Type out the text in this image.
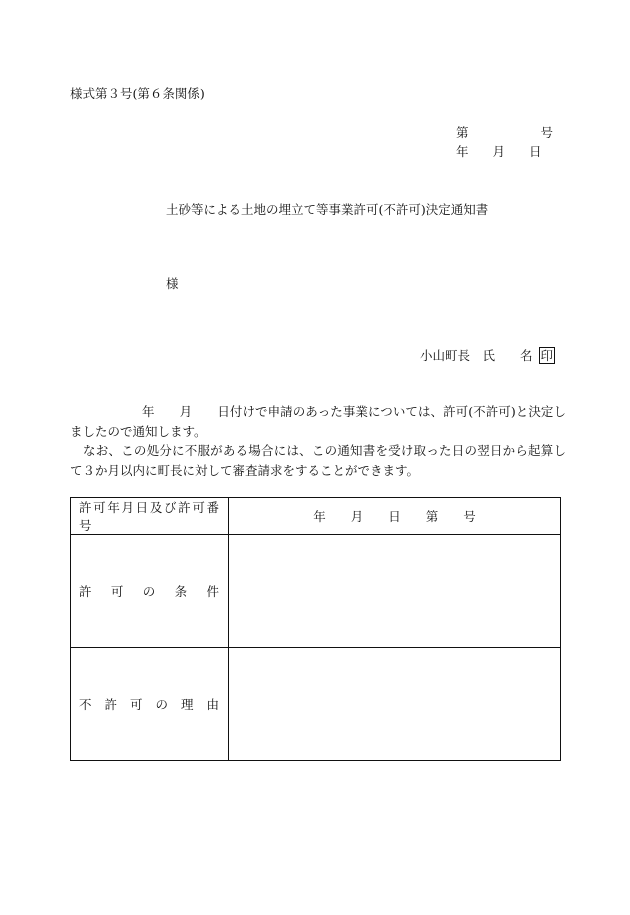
様式第３号(第６条関係)
第	号
年 月 日
土砂等による土地の埋立て等事業許可(不許可)決定通知書
様
小山町長　氏　　名 印

年　　月　　日付けで申請のあった事業については、許可(不許可)と決定しましたので通知します。

なお、この処分に不服がある場合には、この通知書を受け取った日の翌日から起算して３か月以内に町長に対して審査請求をすることができます。

許可年月日及び許可番号	年　　月　　日　　第　　号

許可の条件	

不許可の理由	
